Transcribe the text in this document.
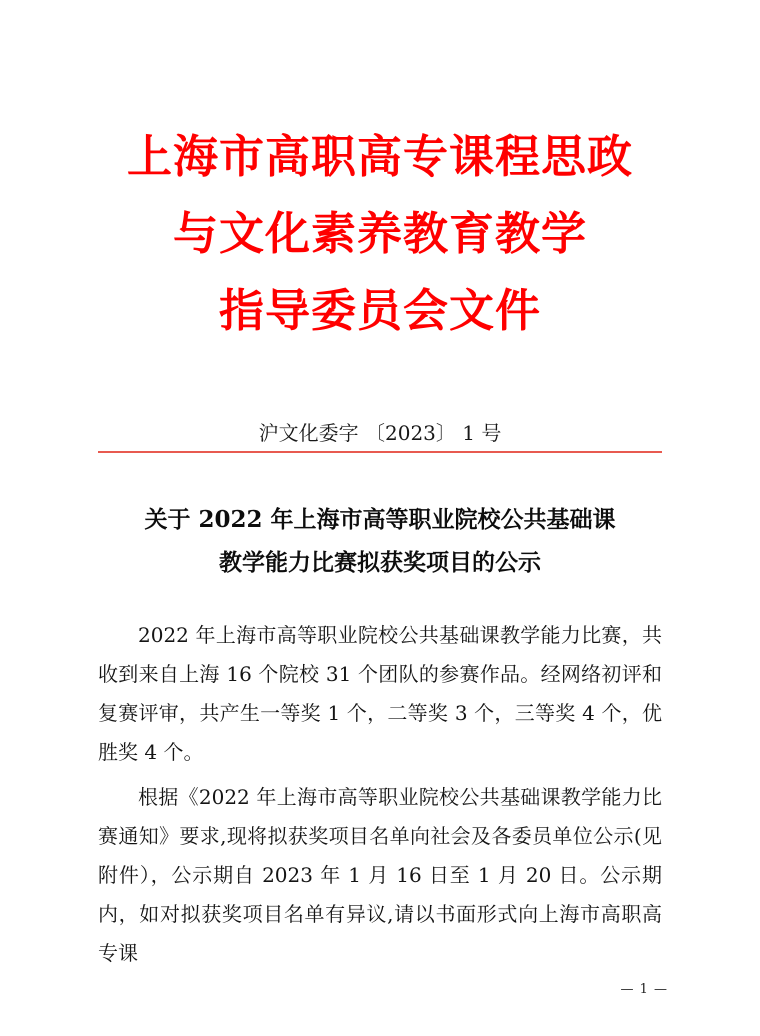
上海市高职高专课程思政
与文化素养教育教学
指导委员会文件
沪文化委字 〔2023〕 1 号
关于 2022 年上海市高等职业院校公共基础课
教学能力比赛拟获奖项目的公示

2022 年上海市高等职业院校公共基础课教学能力比赛，共收到来自上海 16 个院校 31 个团队的参赛作品。经网络初评和复赛评审，共产生一等奖 1 个，二等奖 3 个，三等奖 4 个，优胜奖 4 个。

根据《2022 年上海市高等职业院校公共基础课教学能力比赛通知》要求,现将拟获奖项目名单向社会及各委员单位公示(见附件），公示期自 2023 年 1 月 16 日至 1 月 20 日。公示期内，如对拟获奖项目名单有异议,请以书面形式向上海市高职高专课

— 1 —
